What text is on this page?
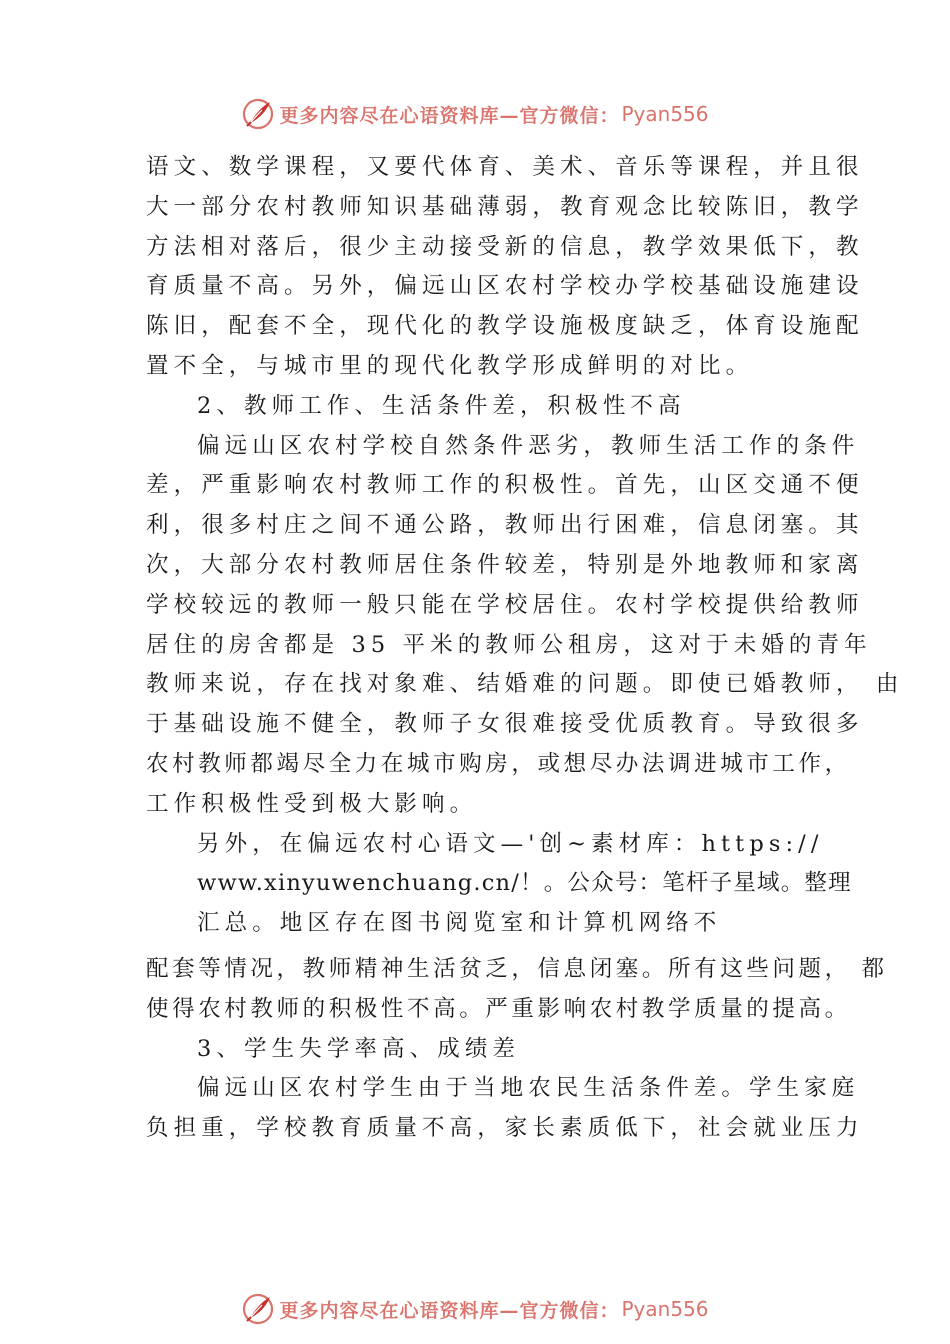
更多内容尽在心语资料库—官方微信： Pyan556
语文、数学课程，又要代体育、美术、音乐等课程，并且很
大一部分农村教师知识基础薄弱，教育观念比较陈旧，教学
方法相对落后，很少主动接受新的信息，教学效果低下，教
育质量不高。另外，偏远山区农村学校办学校基础设施建设
陈旧，配套不全，现代化的教学设施极度缺乏，体育设施配
置不全，与城市里的现代化教学形成鲜明的对比。
2、教师工作、生活条件差，积极性不高
偏远山区农村学校自然条件恶劣，教师生活工作的条件
差，严重影响农村教师工作的积极性。首先，山区交通不便
利，很多村庄之间不通公路，教师出行困难，信息闭塞。其
次，大部分农村教师居住条件较差，特别是外地教师和家离
学校较远的教师一般只能在学校居住。农村学校提供给教师
居住的房舍都是 35 平米的教师公租房，这对于未婚的青年
教师来说，存在找对象难、结婚难的问题。即使已婚教师， 由
于基础设施不健全，教师子女很难接受优质教育。导致很多
农村教师都竭尽全力在城市购房，或想尽办法调进城市工作，
工作积极性受到极大影响。
另外，在偏远农村心语文—'创~素材库：https://
www.xinyuwenchuang.cn/！。公众号：笔杆子星域。整理
汇总。地区存在图书阅览室和计算机网络不
配套等情况，教师精神生活贫乏，信息闭塞。所有这些问题， 都
使得农村教师的积极性不高。严重影响农村教学质量的提高。
3、学生失学率高、成绩差
偏远山区农村学生由于当地农民生活条件差。学生家庭
负担重，学校教育质量不高，家长素质低下，社会就业压力
更多内容尽在心语资料库—官方微信： Pyan556
